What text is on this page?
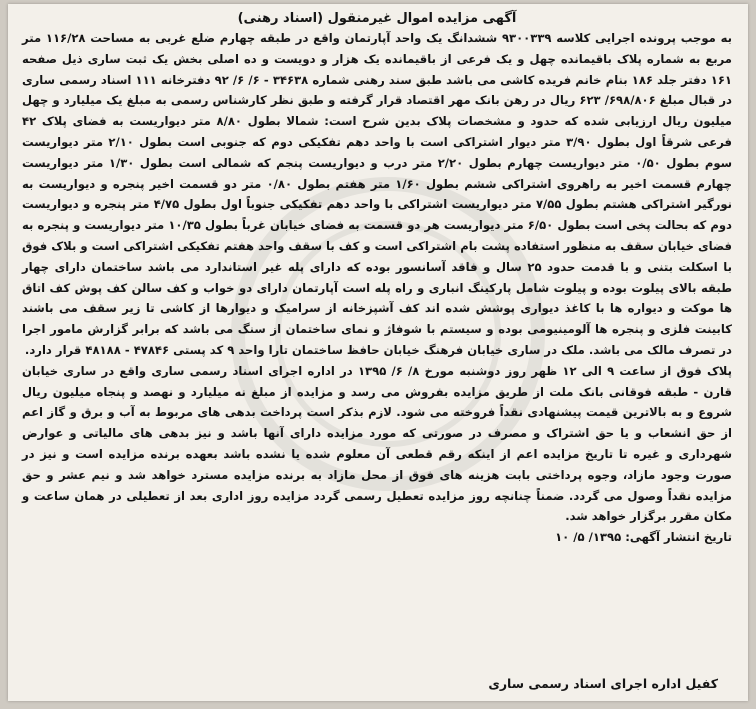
آگهی مزایده اموال غیرمنقول (اسناد رهنی)

به موجب پرونده اجرایی کلاسه ۹۳۰۰۳۳۹ ششدانگ یک واحد آپارتمان واقع در طبقه چهارم ضلع غربی به مساحت ۱۱۶/۲۸ متر مربع به شماره پلاک باقیمانده چهل و یک فرعی از باقیمانده یک هزار و دویست و ده اصلی بخش یک ثبت ساری ذیل صفحه ۱۶۱ دفتر جلد ۱۸۶ بنام خانم فریده کاشی می باشد طبق سند رهنی شماره ۳۴۶۳۸ - ۶/ ۶/ ۹۲ دفترخانه ۱۱۱ اسناد رسمی ساری در قبال مبلغ ۶۹۸/۸۰۶/ ۶۲۳ ریال در رهن بانک مهر اقتصاد قرار گرفته و طبق نظر کارشناس رسمی به مبلغ یک میلیارد و چهل میلیون ریال ارزیابی شده که حدود و مشخصات پلاک بدین شرح است: شمالا بطول ۸/۸۰ متر دیواریست به فضای پلاک ۴۲ فرعی شرقاً اول بطول ۳/۹۰ متر دیوار اشتراکی است با واحد دهم تفکیکی دوم که جنوبی است بطول ۲/۱۰ متر دیواریست سوم بطول ۰/۵۰ متر دیواریست چهارم بطول ۲/۲۰ متر درب و دیواریست پنجم که شمالی است بطول ۱/۳۰ متر دیواریست چهارم قسمت اخیر به راهروی اشتراکی ششم بطول ۱/۶۰ متر هفتم بطول ۰/۸۰ متر دو قسمت اخیر پنجره و دیواریست به نورگیر اشتراکی هشتم بطول ۷/۵۵ متر دیواریست اشتراکی با واحد دهم تفکیکی جنوباً اول بطول ۴/۷۵ متر پنجره و دیواریست دوم که بحالت پخی است بطول ۶/۵۰ متر دیواریست هر دو قسمت به فضای خیابان غرباً بطول ۱۰/۳۵ متر دیواریست و پنجره به فضای خیابان سقف به منظور استفاده پشت بام اشتراکی است و کف با سقف واحد هفتم تفکیکی اشتراکی است و بلاک فوق با اسکلت بتنی و با قدمت حدود ۲۵ سال و فاقد آسانسور بوده که دارای پله غیر استاندارد می باشد ساختمان دارای چهار طبقه بالای پیلوت بوده و پیلوت شامل پارکینگ انباری و راه پله است آپارتمان دارای دو خواب و کف سالن کف پوش کف اتاق ها موکت و دیواره ها با کاغذ دیواری پوشش شده اند کف آشپزخانه از سرامیک و دیوارها از کاشی تا زیر سقف می باشند کابینت فلزی و پنجره ها آلومینیومی بوده و سیستم با شوفاژ و نمای ساختمان از سنگ می باشد که برابر گزارش مامور اجرا در تصرف مالک می باشد. ملک در ساری خیابان فرهنگ خیابان حافظ ساختمان تارا واحد ۹ کد پستی ۴۷۸۴۶ - ۴۸۱۸۸ قرار دارد.

پلاک فوق از ساعت ۹ الی ۱۲ ظهر روز دوشنبه مورخ ۸/ ۶/ ۱۳۹۵ در اداره اجرای اسناد رسمی ساری واقع در ساری خیابان قارن - طبقه فوقانی بانک ملت از طریق مزایده بفروش می رسد و مزایده از مبلغ نه میلیارد و نهصد و پنجاه میلیون ریال شروع و به بالاترین قیمت پیشنهادی نقداً فروخته می شود. لازم بذکر است پرداخت بدهی های مربوط به آب و برق و گاز اعم از حق انشعاب و یا حق اشتراک و مصرف در صورتی که مورد مزایده دارای آنها باشد و نیز بدهی های مالیاتی و عوارض شهرداری و غیره تا تاریخ مزایده اعم از اینکه رقم قطعی آن معلوم شده یا نشده باشد بعهده برنده مزایده است و نیز در صورت وجود مازاد، وجوه پرداختی بابت هزینه های فوق از محل مازاد به برنده مزایده مسترد خواهد شد و نیم عشر و حق مزایده نقداً وصول می گردد. ضمناً چنانچه روز مزایده تعطیل رسمی گردد مزایده روز اداری بعد از تعطیلی در همان ساعت و مکان مقرر برگزار خواهد شد.

تاریخ انتشار آگهی: ۱۳۹۵/ ۵/ ۱۰

کفیل اداره اجرای اسناد رسمی ساری
